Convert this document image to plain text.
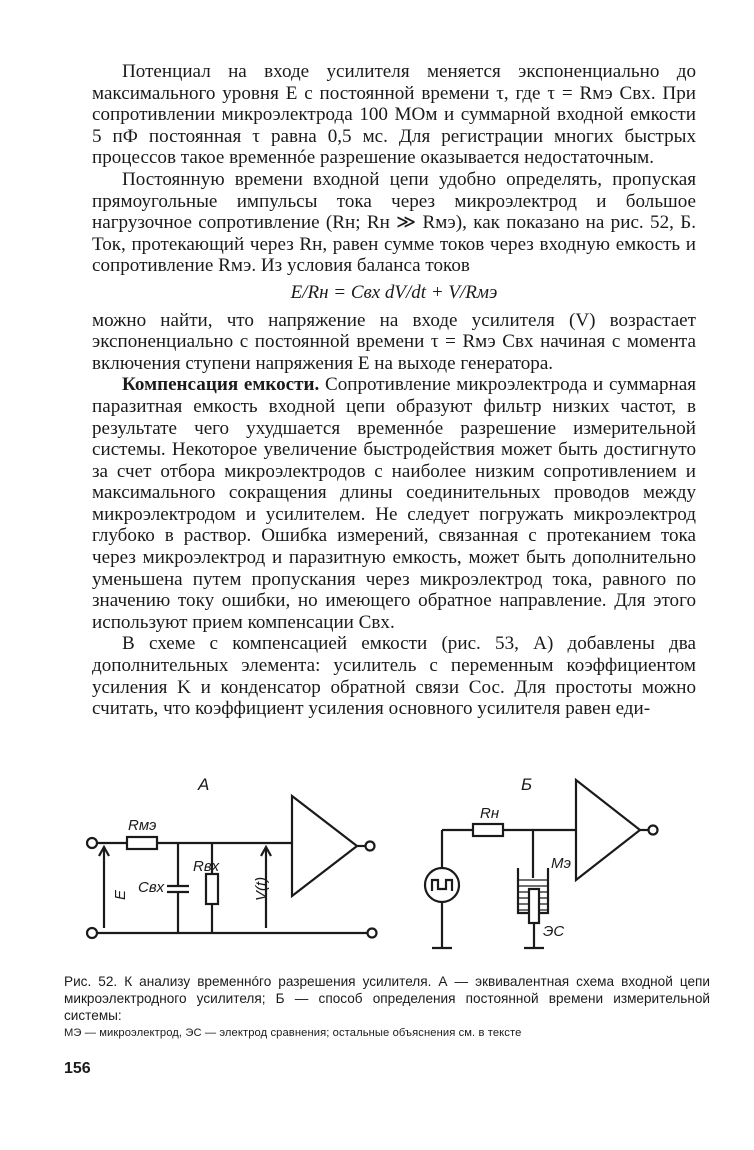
Потенциал на входе усилителя меняется экспоненциально до максимального уровня E с постоянной времени τ, где τ = Rмэ Cвх. При сопротивлении микроэлектрода 100 МОм и суммарной входной емкости 5 пФ постоянная τ равна 0,5 мс. Для регистрации многих быстрых процессов такое временнóе разрешение оказывается недостаточным.

Постоянную времени входной цепи удобно определять, пропуская прямоугольные импульсы тока через микроэлектрод и большое нагрузочное сопротивление (Rн; Rн ≫ Rмэ), как показано на рис. 52, Б. Ток, протекающий через Rн, равен сумме токов через входную емкость и сопротивление Rмэ. Из условия баланса токов

E/Rн = Cвх dV/dt + V/Rмэ

можно найти, что напряжение на входе усилителя (V) возрастает экспоненциально с постоянной времени τ = Rмэ Cвх начиная с момента включения ступени напряжения E на выходе генератора.

Компенсация емкости. Сопротивление микроэлектрода и суммарная паразитная емкость входной цепи образуют фильтр низких частот, в результате чего ухудшается временнóе разрешение измерительной системы. Некоторое увеличение быстродействия может быть достигнуто за счет отбора микроэлектродов с наиболее низким сопротивлением и максимального сокращения длины соединительных проводов между микроэлектродом и усилителем. Не следует погружать микроэлектрод глубоко в раствор. Ошибка измерений, связанная с протеканием тока через микроэлектрод и паразитную емкость, может быть дополнительно уменьшена путем пропускания через микроэлектрод тока, равного по значению току ошибки, но имеющего обратное направление. Для этого используют прием компенсации Cвх.

В схеме с компенсацией емкости (рис. 53, А) добавлены два дополнительных элемента: усилитель с переменным коэффициентом усиления K и конденсатор обратной связи Cос. Для простоты можно считать, что коэффициент усиления основного усилителя равен еди-

А	Б
Rмэ
E Cвх
Rвх
V(t)
Rн
Мэ
ЭС
Рис. 52. К анализу временнóго разрешения усилителя. А — эквивалентная схема входной цепи микроэлектродного усилителя; Б — способ определения постоянной времени измерительной системы:
МЭ — микроэлектрод, ЭС — электрод сравнения; остальные объяснения см. в тексте
156
